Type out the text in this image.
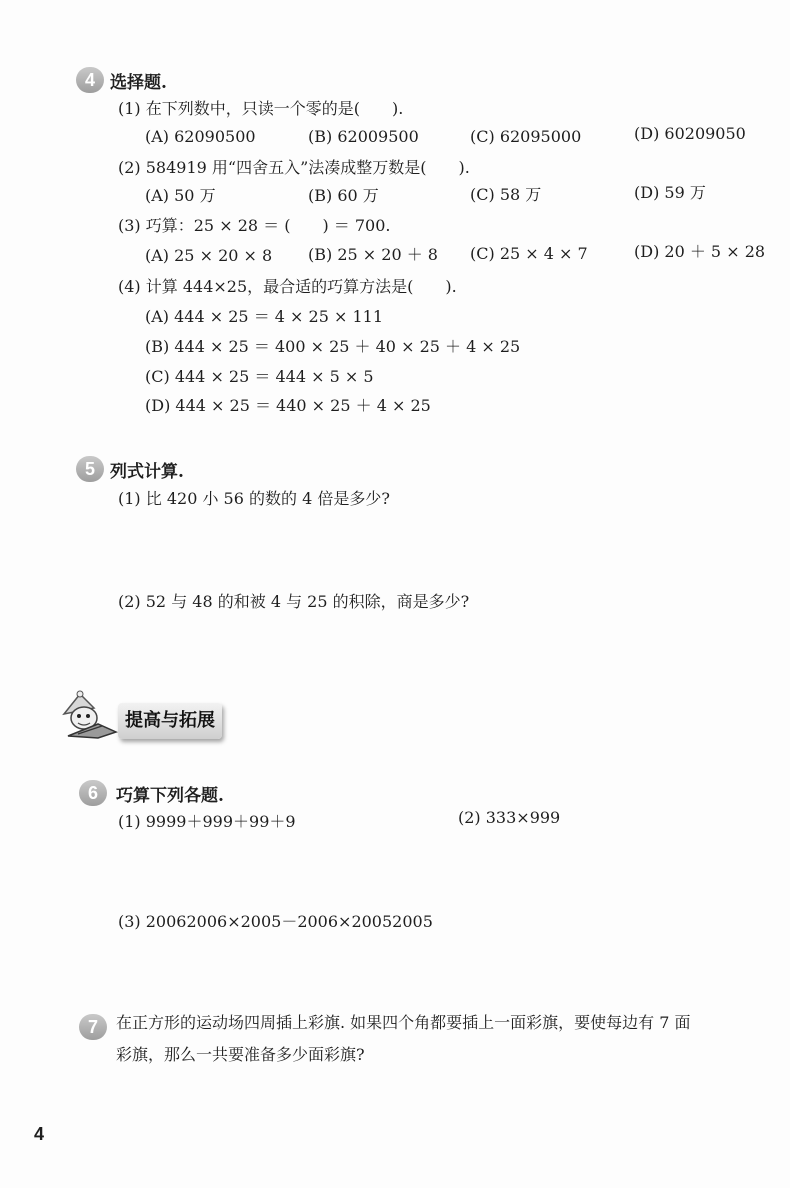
4 选择题.
(1) 在下列数中，只读一个零的是(　　).
(A) 62090500	(B) 62009500	(C) 62095000	(D) 60209050
(2) 584919 用“四舍五入”法凑成整万数是(　　).
(A) 50 万	(B) 60 万	(C) 58 万	(D) 59 万
(3) 巧算：25 × 28 ＝ (　　) ＝ 700.
(A) 25 × 20 × 8 (B) 25 × 20 ＋ 8 (C) 25 × 4 × 7	(D) 20 ＋ 5 × 28
(4) 计算 444×25，最合适的巧算方法是(　　).
(A) 444 × 25 ＝ 4 × 25 × 111
(B) 444 × 25 ＝ 400 × 25 ＋ 40 × 25 ＋ 4 × 25
(C) 444 × 25 ＝ 444 × 5 × 5
(D) 444 × 25 ＝ 440 × 25 ＋ 4 × 25
5 列式计算.
(1) 比 420 小 56 的数的 4 倍是多少?
(2) 52 与 48 的和被 4 与 25 的积除，商是多少?
提高与拓展
6	巧算下列各题.
(1) 9999＋999＋99＋9	(2) 333×999
(3) 20062006×2005－2006×20052005
7	在正方形的运动场四周插上彩旗. 如果四个角都要插上一面彩旗，要使每边有 7 面
彩旗，那么一共要准备多少面彩旗?
4
